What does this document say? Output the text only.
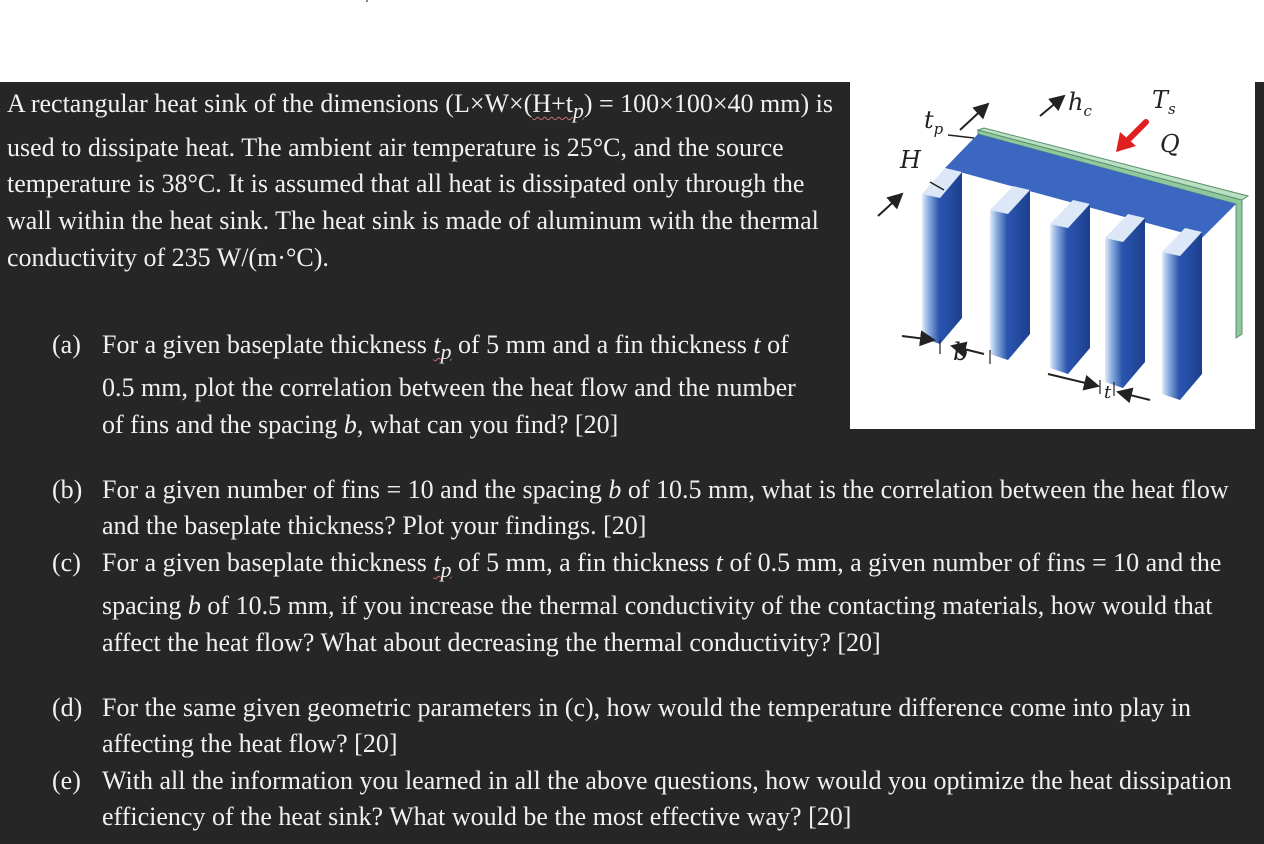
A rectangular heat sink of the dimensions ($L\times W\times(H+t_p) = 100\times 100\times 40$ mm) is used to dissipate heat. The ambient air temperature is 25°C, and the source temperature is 38°C. It is assumed that all heat is dissipated only through the wall within the heat sink. The heat sink is made of aluminum with the thermal conductivity of 235 W/(m·°C).

(a) For a given baseplate thickness $t_p$ of 5 mm and a fin thickness t of 0.5 mm, plot the correlation between the heat flow and the number of fins and the spacing b, what can you find? [20]
(b) For a given number of fins = 10 and the spacing b of 10.5 mm, what is the correlation between the heat flow and the baseplate thickness? Plot your findings. [20]
(c) For a given baseplate thickness $t_p$ of 5 mm, a fin thickness t of 0.5 mm, a given number of fins = 10 and the spacing b of 10.5 mm, if you increase the thermal conductivity of the contacting materials, how would that affect the heat flow? What about decreasing the thermal conductivity? [20]
(d) For the same given geometric parameters in (c), how would the temperature difference come into play in affecting the heat flow? [20]
(e) With all the information you learned in all the above questions, how would you optimize the heat dissipation efficiency of the heat sink? What would be the most effective way? [20]
$t_p$
H
$h_c$	$T_s$
Q
b
t
